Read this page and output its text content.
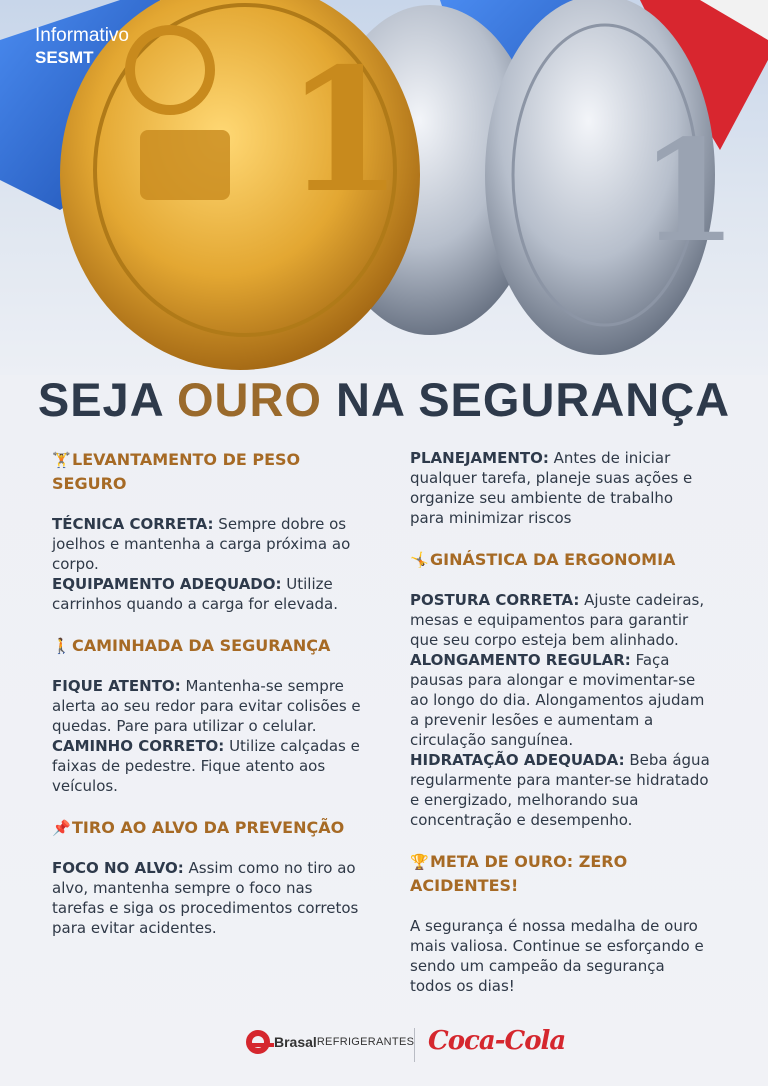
1
1
Informativo
SESMT
SEJA OURO NA SEGURANÇA
🏋LEVANTAMENTO DE PESO SEGURO

TÉCNICA CORRETA: Sempre dobre os joelhos e mantenha a carga próxima ao corpo.

EQUIPAMENTO ADEQUADO: Utilize carrinhos quando a carga for elevada.

🚶CAMINHADA DA SEGURANÇA

FIQUE ATENTO: Mantenha-se sempre alerta ao seu redor para evitar colisões e quedas. Pare para utilizar o celular.

CAMINHO CORRETO: Utilize calçadas e faixas de pedestre. Fique atento aos veículos.

📌TIRO AO ALVO DA PREVENÇÃO

FOCO NO ALVO: Assim como no tiro ao alvo, mantenha sempre o foco nas tarefas e siga os procedimentos corretos para evitar acidentes.

PLANEJAMENTO: Antes de iniciar qualquer tarefa, planeje suas ações e organize seu ambiente de trabalho para minimizar riscos

🤸GINÁSTICA DA ERGONOMIA

POSTURA CORRETA: Ajuste cadeiras, mesas e equipamentos para garantir que seu corpo esteja bem alinhado.

ALONGAMENTO REGULAR: Faça pausas para alongar e movimentar-se ao longo do dia. Alongamentos ajudam a prevenir lesões e aumentam a circulação sanguínea.

HIDRATAÇÃO ADEQUADA: Beba água regularmente para manter-se hidratado e energizado, melhorando sua concentração e desempenho.

🏆META DE OURO: ZERO ACIDENTES!

A segurança é nossa medalha de ouro mais valiosa. Continue se esforçando e sendo um campeão da segurança todos os dias!

Brasal REFRIGERANTES Coca-Cola
